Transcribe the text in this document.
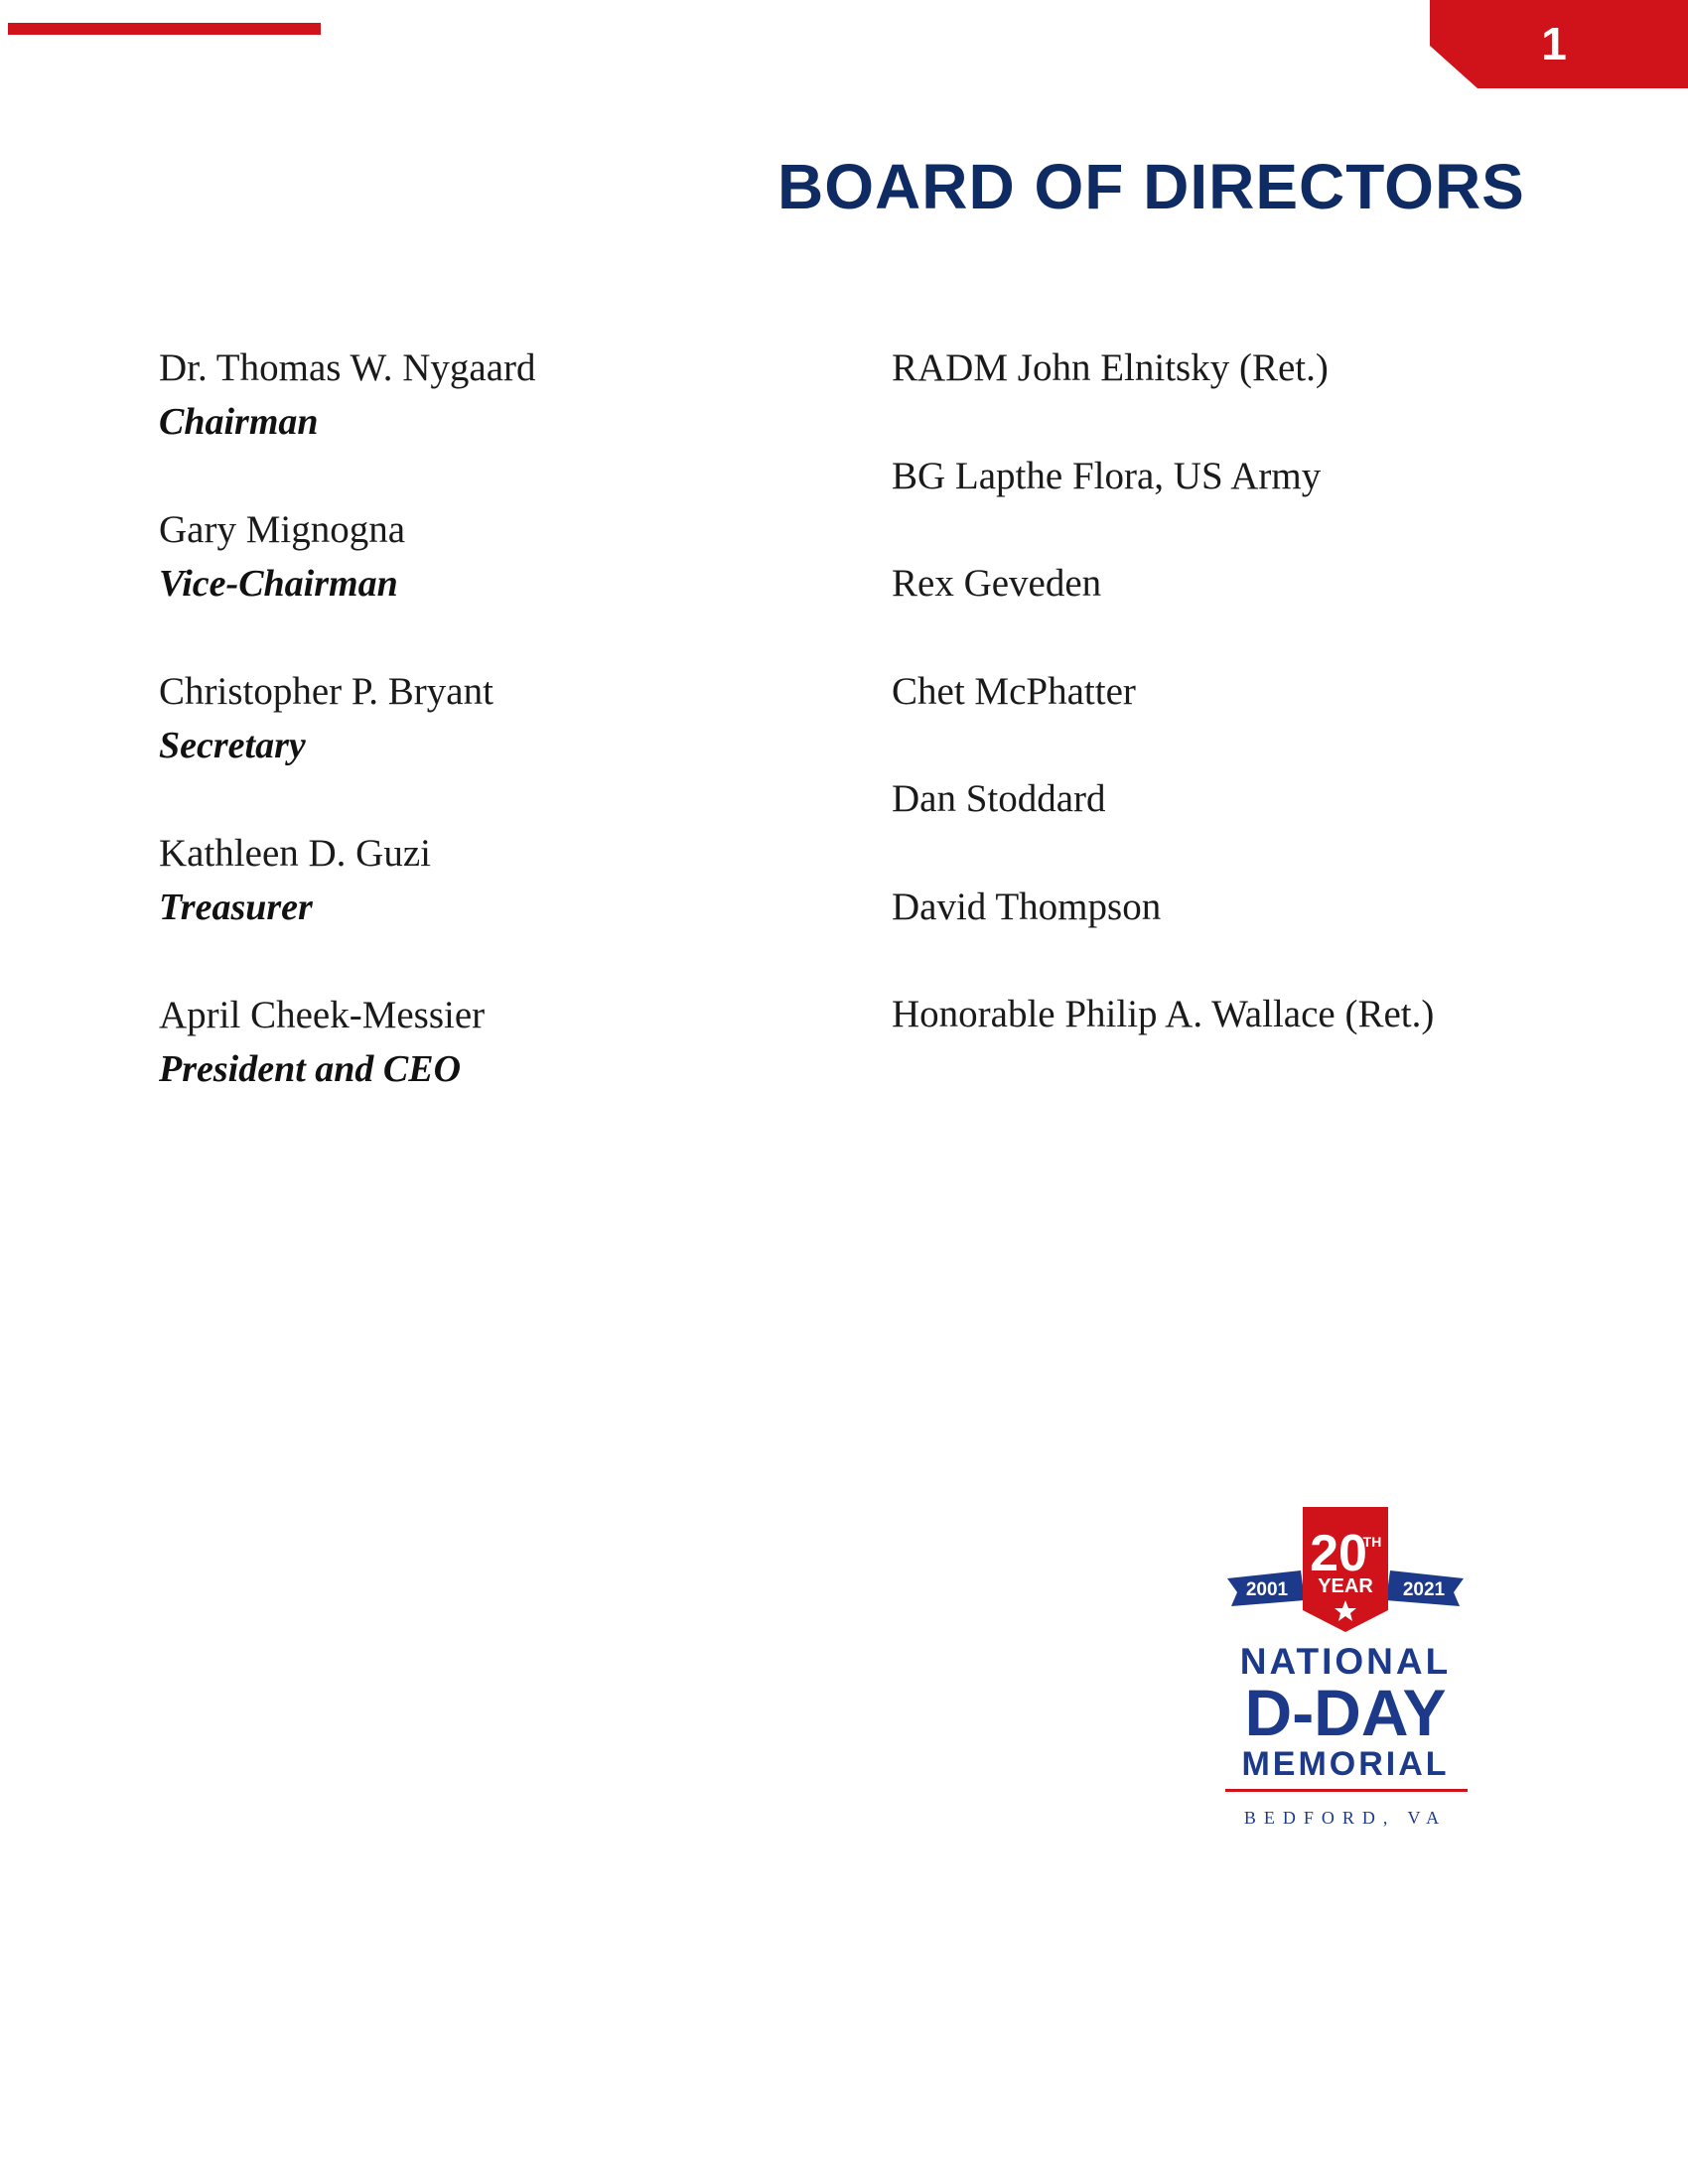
1
BOARD OF DIRECTORS
Dr. Thomas W. Nygaard
Chairman
Gary Mignogna
Vice-Chairman
Christopher P. Bryant
Secretary
Kathleen D. Guzi
Treasurer
April Cheek-Messier
President and CEO
RADM John Elnitsky (Ret.)
BG Lapthe Flora, US Army
Rex Geveden
Chet McPhatter
Dan Stoddard
David Thompson
Honorable Philip A. Wallace (Ret.)
20
TH
YEAR
2001	2021
NATIONAL
D-DAY
MEMORIAL
BEDFORD, VA
